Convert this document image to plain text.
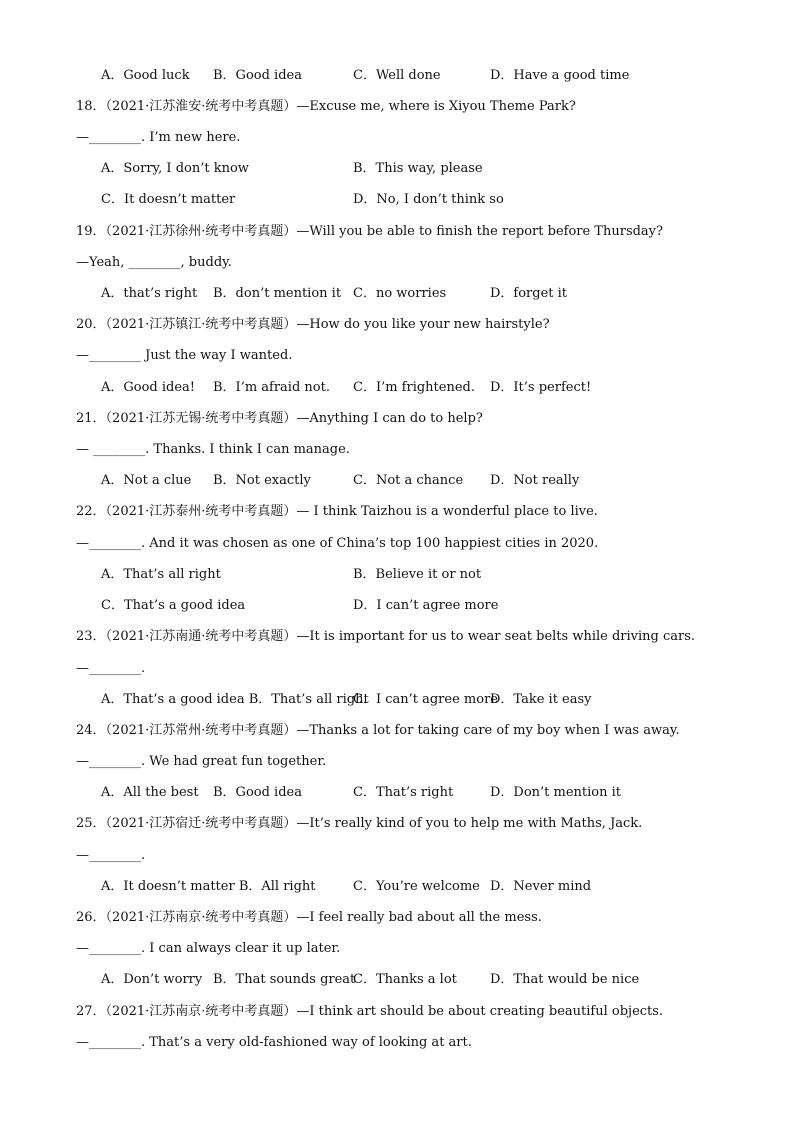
A．Good luck B．Good idea	C．Well done	D．Have a good time
18．（2021·江苏淮安·统考中考真题）—Excuse me, where is Xiyou Theme Park?
—________. I’m new here.
A．Sorry, I don’t know	B．This way, please
C．It doesn’t matter	D．No, I don’t think so
19．（2021·江苏徐州·统考中考真题）—Will you be able to finish the report before Thursday?
—Yeah, ________, buddy.
A．that’s right B．don’t mention it C．no worries	D．forget it
20．（2021·江苏镇江·统考中考真题）—How do you like your new hairstyle?
—________ Just the way I wanted.
A．Good idea! B．I’m afraid not. C．I’m frightened. D．It’s perfect!
21．（2021·江苏无锡·统考中考真题）—Anything I can do to help?
— ________. Thanks. I think I can manage.
A．Not a clue B．Not exactly	C．Not a chance D．Not really
22．（2021·江苏泰州·统考中考真题）— I think Taizhou is a wonderful place to live.
—________. And it was chosen as one of China’s top 100 happiest cities in 2020.
A．That’s all right	B．Believe it or not
C．That’s a good idea	D．I can’t agree more
23．（2021·江苏南通·统考中考真题）—It is important for us to wear seat belts while driving cars.
—________.
A．That’s a good idea B．That’s all right
C．I can’t agree more
D．Take it easy
24．（2021·江苏常州·统考中考真题）—Thanks a lot for taking care of my boy when I was away.
—________. We had great fun together.
A．All the best B．Good idea	C．That’s right	D．Don’t mention it
25．（2021·江苏宿迁·统考中考真题）—It’s really kind of you to help me with Maths, Jack.
—________.
A．It doesn’t matter B．All right	C．You’re welcome D．Never mind
26．（2021·江苏南京·统考中考真题）—I feel really bad about all the mess.
—________. I can always clear it up later.
A．Don’t worry B．That sounds great
C．Thanks a lot	D．That would be nice
27．（2021·江苏南京·统考中考真题）—I think art should be about creating beautiful objects.
—________. That’s a very old-fashioned way of looking at art.
